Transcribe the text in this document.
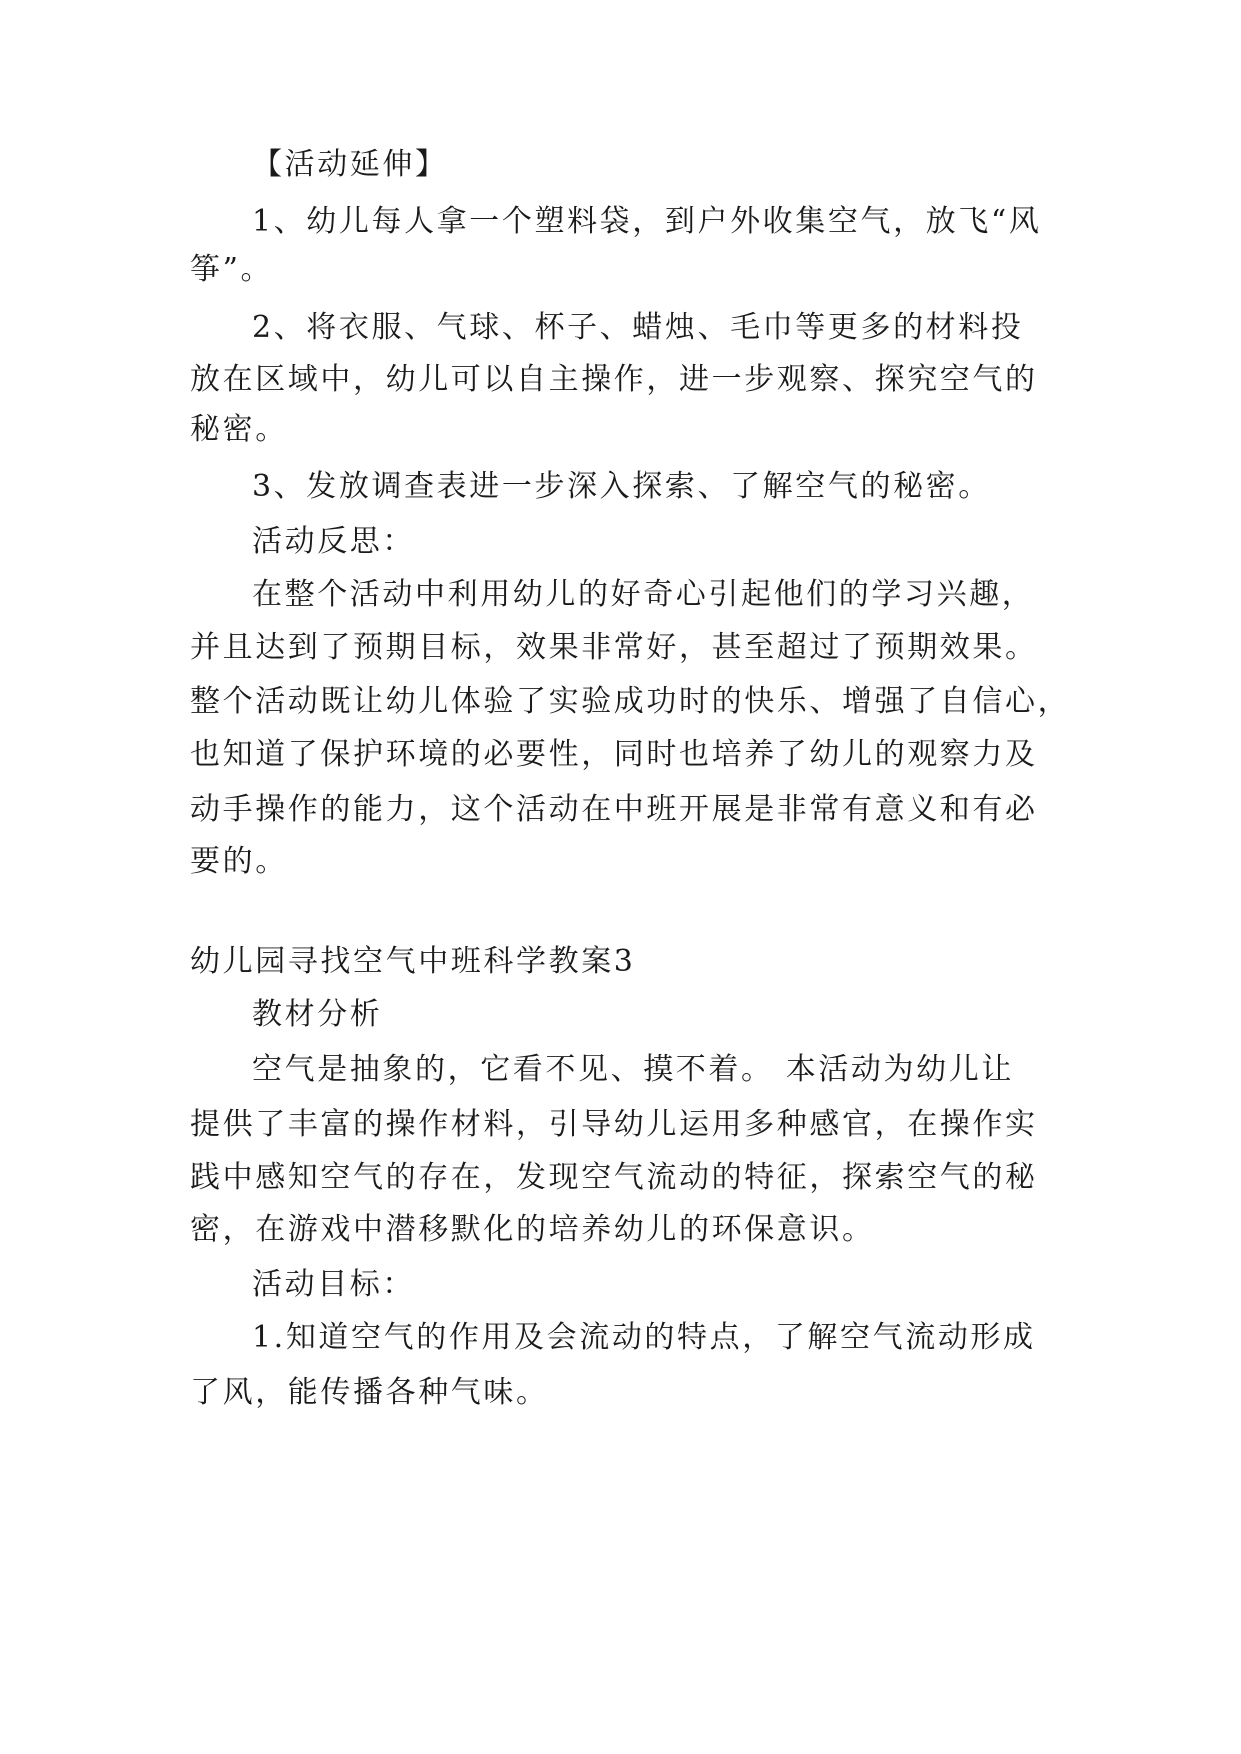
【活动延伸】
1、幼儿每人拿一个塑料袋，到户外收集空气，放飞“风
筝”。
2、将衣服、气球、杯子、蜡烛、毛巾等更多的材料投
放在区域中，幼儿可以自主操作，进一步观察、探究空气的
秘密。
3、发放调查表进一步深入探索、了解空气的秘密。
活动反思：
在整个活动中利用幼儿的好奇心引起他们的学习兴趣，
并且达到了预期目标，效果非常好，甚至超过了预期效果。
整个活动既让幼儿体验了实验成功时的快乐、增强了自信心，
也知道了保护环境的必要性，同时也培养了幼儿的观察力及
动手操作的能力，这个活动在中班开展是非常有意义和有必
要的。
幼儿园寻找空气中班科学教案3
教材分析
空气是抽象的，它看不见、摸不着。 本活动为幼儿让
提供了丰富的操作材料，引导幼儿运用多种感官，在操作实
践中感知空气的存在，发现空气流动的特征，探索空气的秘
密，在游戏中潜移默化的培养幼儿的环保意识。
活动目标：
1.知道空气的作用及会流动的特点，了解空气流动形成
了风，能传播各种气味。
